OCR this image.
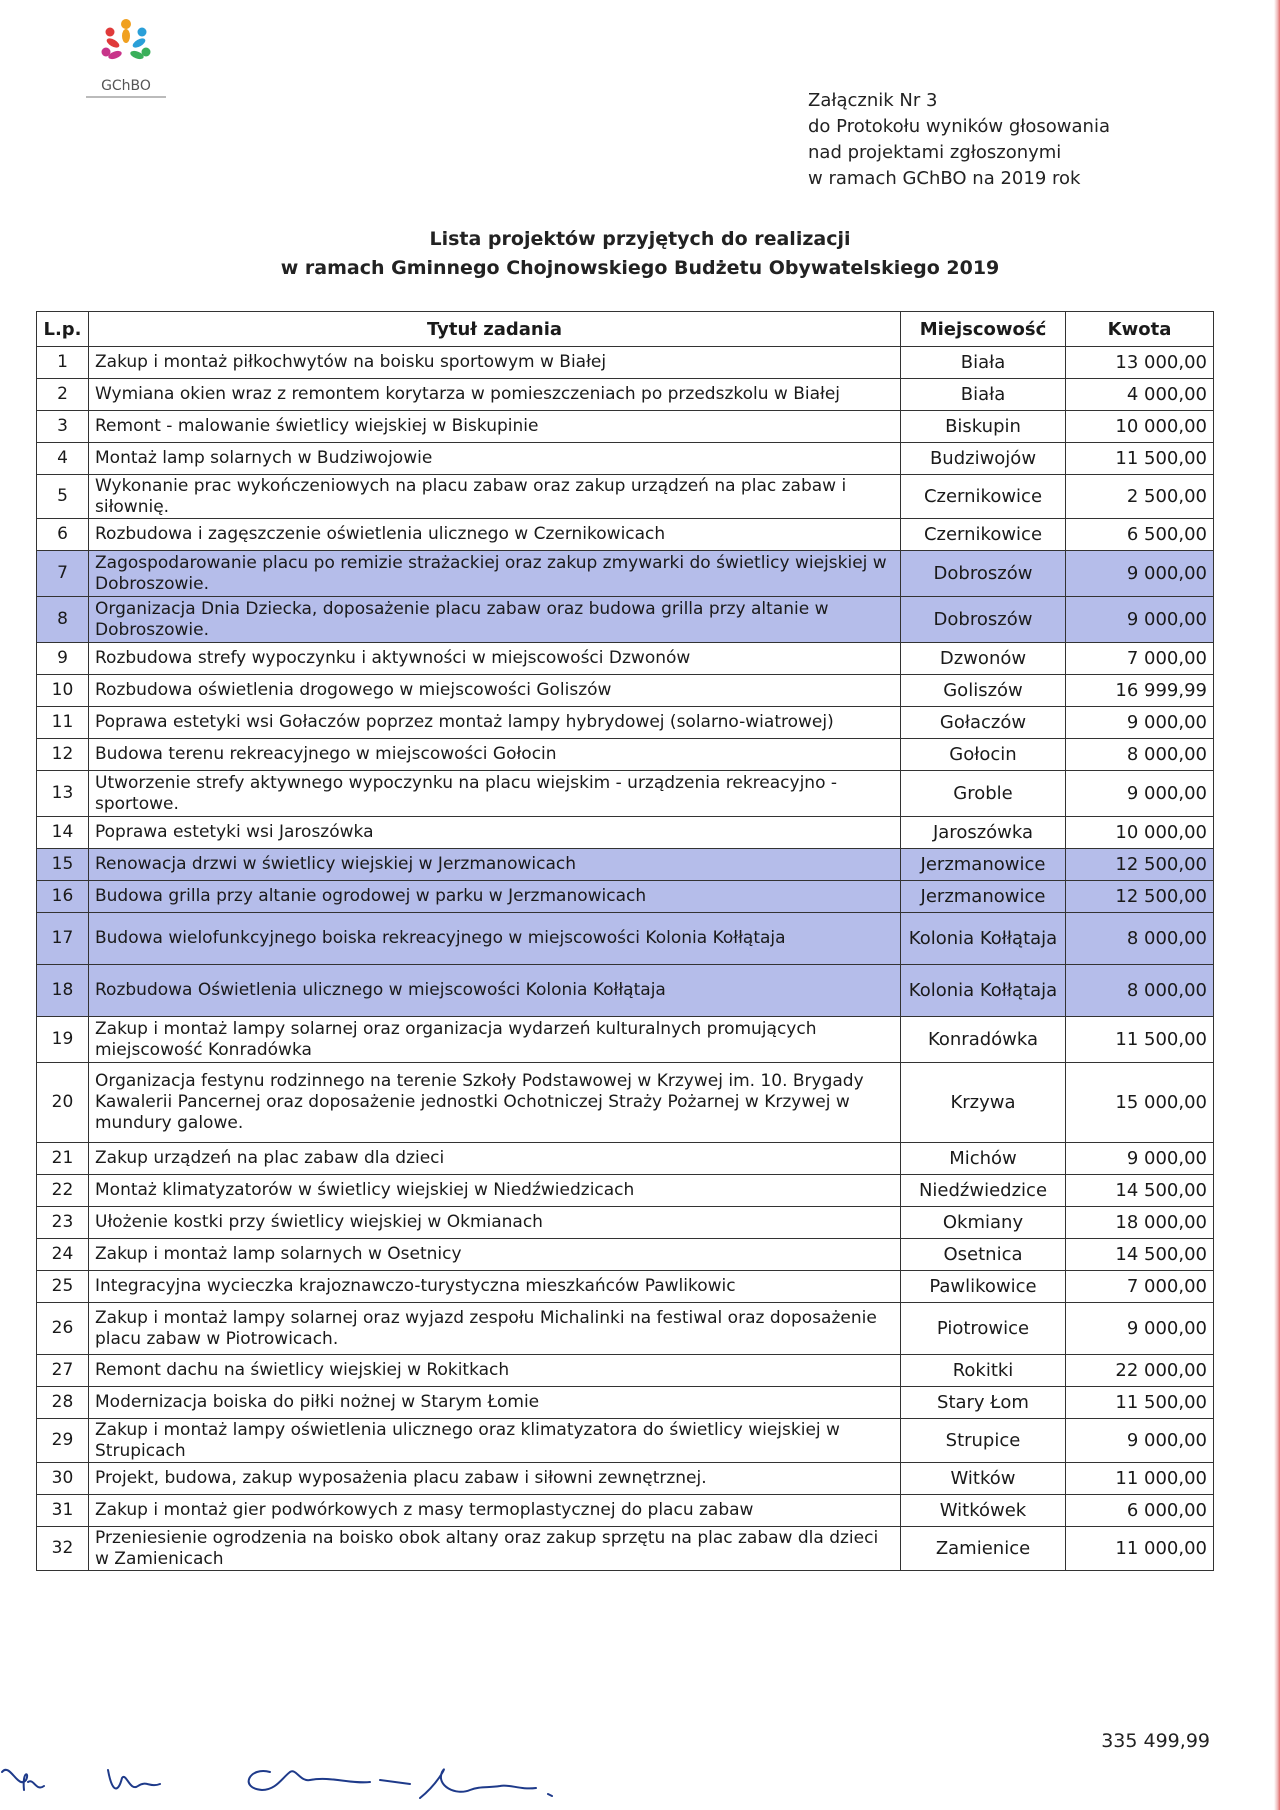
GChBO
Załącznik Nr 3
do Protokołu wyników głosowania
nad projektami zgłoszonymi
w ramach GChBO na 2019 rok
Lista projektów przyjętych do realizacji
w ramach Gminnego Chojnowskiego Budżetu Obywatelskiego 2019
L.p.	Tytuł zadania	Miejscowość	Kwota
1	Zakup i montaż piłkochwytów na boisku sportowym w Białej	Biała	13 000,00
2	Wymiana okien wraz z remontem korytarza w pomieszczeniach po przedszkolu w Białej	Biała	4 000,00
3	Remont - malowanie świetlicy wiejskiej w Biskupinie	Biskupin	10 000,00
4	Montaż lamp solarnych w Budziwojowie	Budziwojów	11 500,00
5	Wykonanie prac wykończeniowych na placu zabaw oraz zakup urządzeń na plac zabaw i siłownię.	Czernikowice	2 500,00
6	Rozbudowa i zagęszczenie oświetlenia ulicznego w Czernikowicach	Czernikowice	6 500,00
7	Zagospodarowanie placu po remizie strażackiej oraz zakup zmywarki do świetlicy wiejskiej w Dobroszowie.	Dobroszów	9 000,00
8	Organizacja Dnia Dziecka, doposażenie placu zabaw oraz budowa grilla przy altanie w Dobroszowie.	Dobroszów	9 000,00
9	Rozbudowa strefy wypoczynku i aktywności w miejscowości Dzwonów	Dzwonów	7 000,00
10	Rozbudowa oświetlenia drogowego w miejscowości Goliszów	Goliszów	16 999,99
11	Poprawa estetyki wsi Gołaczów poprzez montaż lampy hybrydowej (solarno-wiatrowej)	Gołaczów	9 000,00
12	Budowa terenu rekreacyjnego w miejscowości Gołocin	Gołocin	8 000,00
13	Utworzenie strefy aktywnego wypoczynku na placu wiejskim - urządzenia rekreacyjno - sportowe.	Groble	9 000,00
14	Poprawa estetyki wsi Jaroszówka	Jaroszówka	10 000,00
15	Renowacja drzwi w świetlicy wiejskiej w Jerzmanowicach	Jerzmanowice	12 500,00
16	Budowa grilla przy altanie ogrodowej w parku w Jerzmanowicach	Jerzmanowice	12 500,00
17	Budowa wielofunkcyjnego boiska rekreacyjnego w miejscowości Kolonia Kołłątaja	Kolonia Kołłątaja	8 000,00
18	Rozbudowa Oświetlenia ulicznego w miejscowości Kolonia Kołłątaja	Kolonia Kołłątaja	8 000,00
19	Zakup i montaż lampy solarnej oraz organizacja wydarzeń kulturalnych promujących miejscowość Konradówka	Konradówka	11 500,00
20	Organizacja festynu rodzinnego na terenie Szkoły Podstawowej w Krzywej im. 10. Brygady Kawalerii Pancernej oraz doposażenie jednostki Ochotniczej Straży Pożarnej w Krzywej w mundury galowe.	Krzywa	15 000,00
21	Zakup urządzeń na plac zabaw dla dzieci	Michów	9 000,00
22	Montaż klimatyzatorów w świetlicy wiejskiej w Niedźwiedzicach	Niedźwiedzice	14 500,00
23	Ułożenie kostki przy świetlicy wiejskiej w Okmianach	Okmiany	18 000,00
24	Zakup i montaż lamp solarnych w Osetnicy	Osetnica	14 500,00
25	Integracyjna wycieczka krajoznawczo-turystyczna mieszkańców Pawlikowic	Pawlikowice	7 000,00
26	Zakup i montaż lampy solarnej oraz wyjazd zespołu Michalinki na festiwal oraz doposażenie placu zabaw w Piotrowicach.	Piotrowice	9 000,00
27	Remont dachu na świetlicy wiejskiej w Rokitkach	Rokitki	22 000,00
28	Modernizacja boiska do piłki nożnej w Starym Łomie	Stary Łom	11 500,00
29	Zakup i montaż lampy oświetlenia ulicznego oraz klimatyzatora do świetlicy wiejskiej w Strupicach	Strupice	9 000,00
30	Projekt, budowa, zakup wyposażenia placu zabaw i siłowni zewnętrznej.	Witków	11 000,00
31	Zakup i montaż gier podwórkowych z masy termoplastycznej do placu zabaw	Witkówek	6 000,00
32	Przeniesienie ogrodzenia na boisko obok altany oraz zakup sprzętu na plac zabaw dla dzieci w Zamienicach	Zamienice	11 000,00
335 499,99
